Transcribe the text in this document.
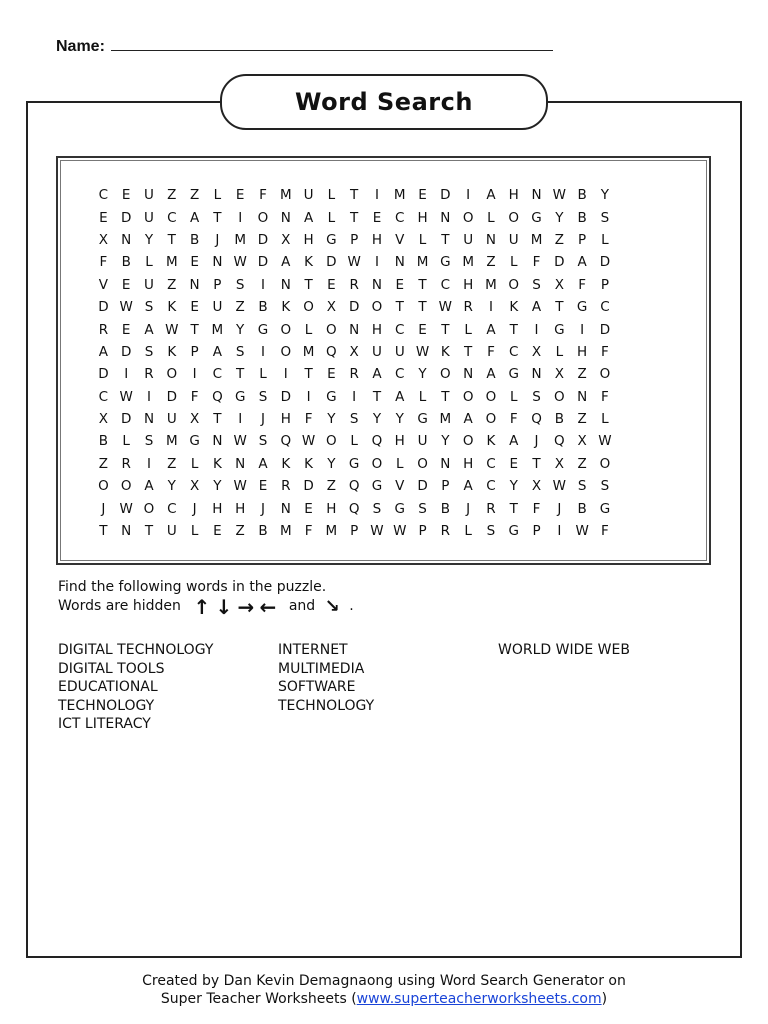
Name:
Word Search
C	E	U Z	Z	L	E	F M U	L	T	I	M E D	I	A H N W B	Y
E D U C A	T	I	O N A	L	T	E	C H N O	L	O G Y	B	S
X N	Y	T	B	J	M D X H G P	H V	L	T	U N U M Z	P	L
F	B	L M E N W D A	K D W	I	N M G M Z	L	F	D A D
V	E	U Z N	P	S	I	N	T	E	R N E	T	C H M O S	X	F	P
D W S	K	E	U Z	B	K O X D O T	T W R	I	K	A	T G C
R	E	A W T M Y G O	L	O N H C	E	T	L	A	T	I	G	I	D
A D S	K	P	A	S	I	O M Q X U U W K	T	F	C X	L	H	F
D	I	R O	I	C	T	L	I	T	E	R A C	Y O N A G N X	Z O
C W	I	D	F	Q G S D	I	G	I	T	A	L	T O O	L	S O N	F
X D N U X	T	I	J	H	F	Y	S	Y	Y G M A O	F	Q B	Z	L
B	L	S M G N W S Q W O	L	Q H U	Y O K	A	J	Q X W
Z R	I	Z	L	K N A	K	K	Y G O	L	O N H C	E	T	X	Z O
O O A	Y	X	Y W E	R D Z Q G V D	P	A C	Y	X W S	S
J	W O C	J	H H	J	N E H Q S G S	B	J	R	T	F	J	B G
T	N	T	U	L	E	Z	B M F M P W W P	R	L	S G P	I	W F
Find the following words in the puzzle.
Words are hidden ↑ ↓ → ← and ↘ .
DIGITAL TECHNOLOGY
DIGITAL TOOLS
EDUCATIONAL
TECHNOLOGY
ICT LITERACY
INTERNET
MULTIMEDIA
SOFTWARE
TECHNOLOGY
WORLD WIDE WEB
Created by Dan Kevin Demagnaong using Word Search Generator on
Super Teacher Worksheets (www.superteacherworksheets.com)
